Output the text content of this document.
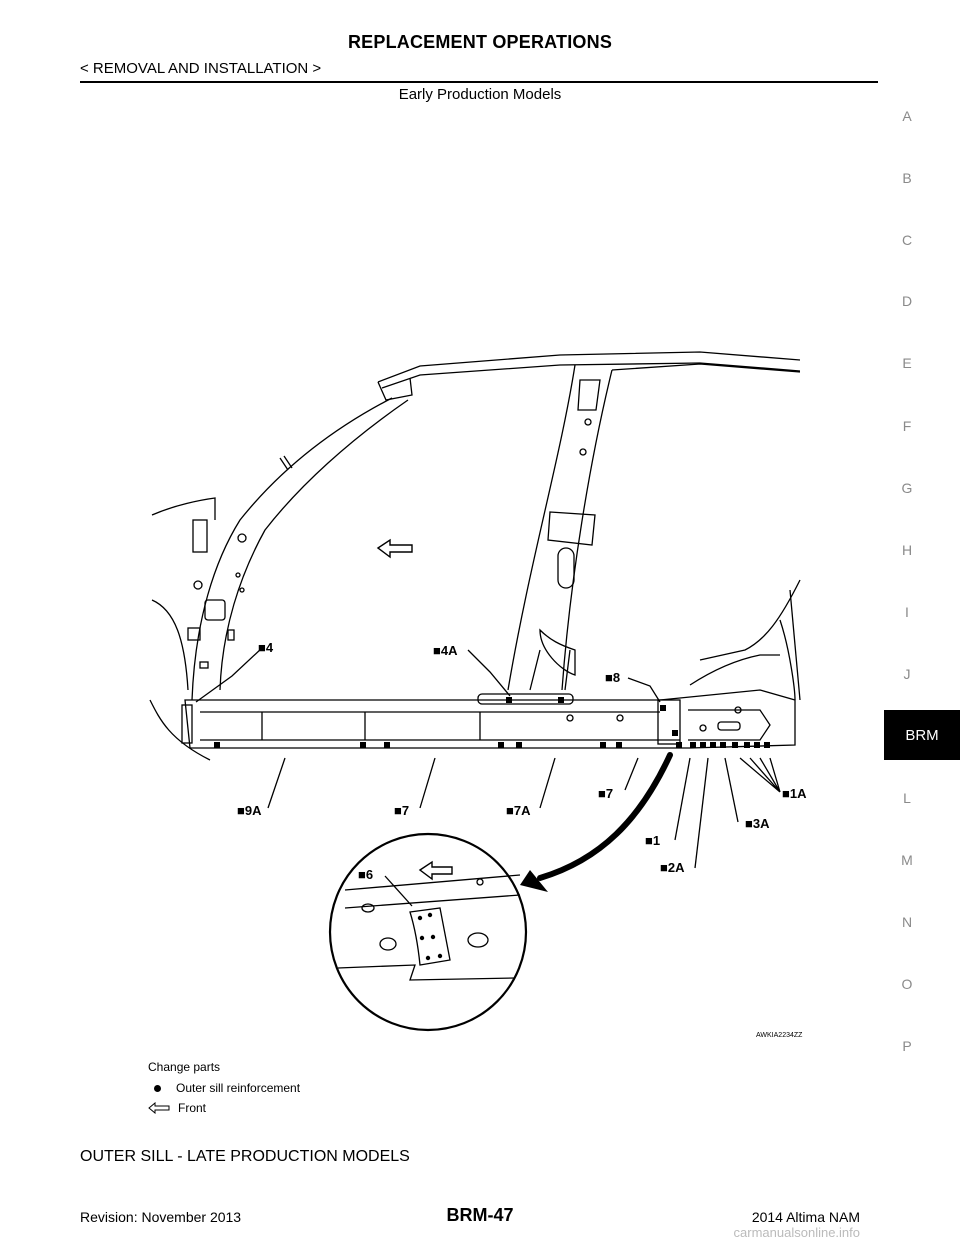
REPLACEMENT OPERATIONS
< REMOVAL AND INSTALLATION >
Early Production Models
A
B
C
D
E
F
G
H
I
J
L
M
N
O
P
BRM
■4	■4A
■8
■9A	■7	■7A
■7
■1
■2A
■3A
■1A
■6
AWKIA2234ZZ
Change parts
Outer sill reinforcement
Front
OUTER SILL - LATE PRODUCTION MODELS
Revision: November 2013	BRM-47	2014 Altima NAM
carmanualsonline.info
